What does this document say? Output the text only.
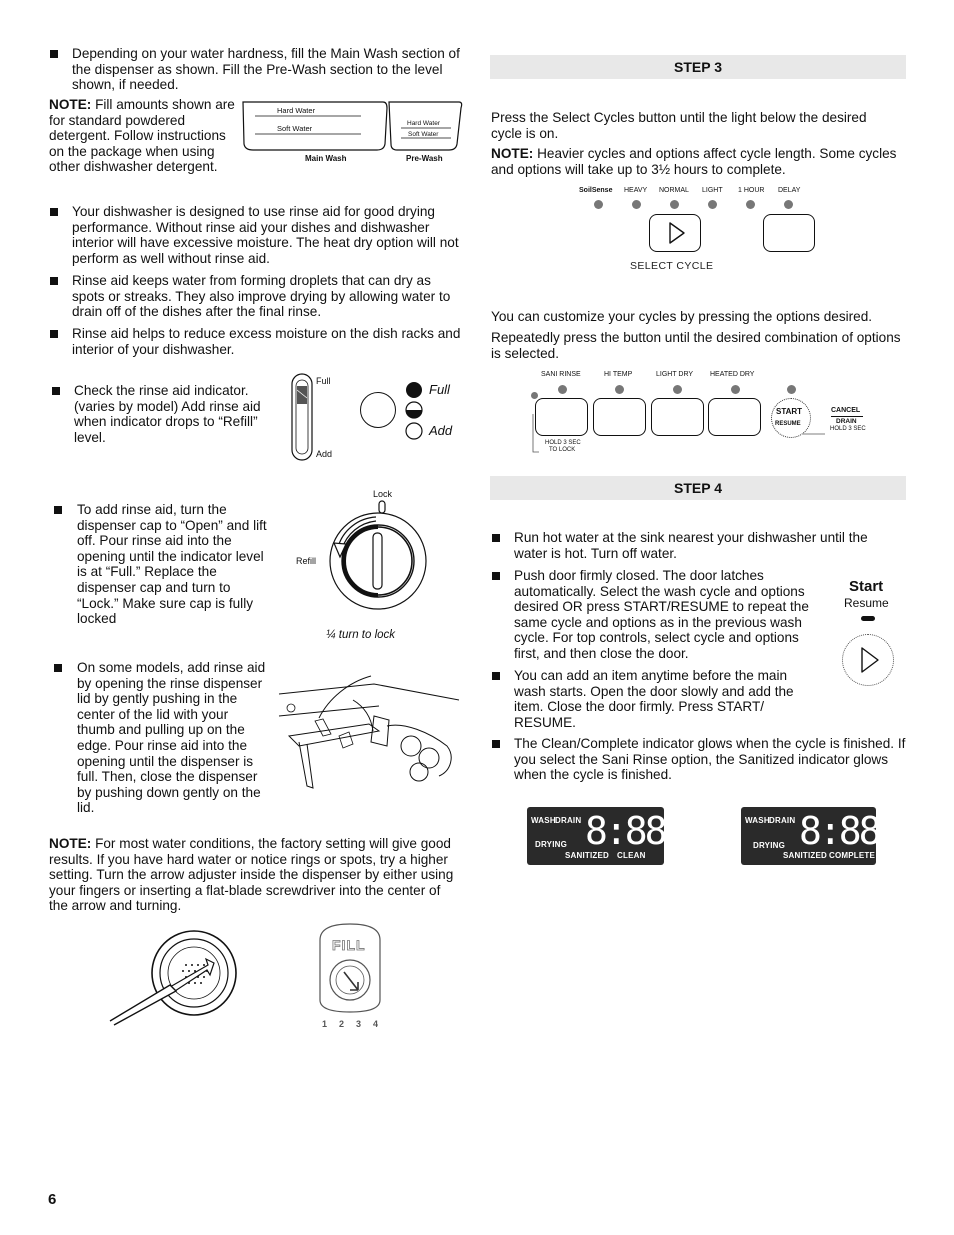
Depending on your water hardness, fill the Main Wash section of the dispenser as shown. Fill the Pre-Wash section to the level shown, if needed.
NOTE: Fill amounts shown are for standard powdered detergent. Follow instructions on the package when using other dishwasher detergent.
Hard Water
Soft Water
Hard Water
Soft Water
Main Wash	Pre-Wash
Your dishwasher is designed to use rinse aid for good drying performance. Without rinse aid your dishes and dishwasher interior will have excessive moisture. The heat dry option will not perform as well without rinse aid.
Rinse aid keeps water from forming droplets that can dry as spots or streaks. They also improve drying by allowing water to drain off of the dishes after the final rinse.
Rinse aid helps to reduce excess moisture on the dish racks and interior of your dishwasher.
Check the rinse aid indicator. (varies by model) Add rinse aid when indicator drops to “Refill” level.
Full
Add
Full
Add
To add rinse aid, turn the dispenser cap to “Open” and lift off. Pour rinse aid into the opening until the indicator level is at “Full.” Replace the dispenser cap and turn to “Lock.” Make sure cap is fully locked
Lock
Refill
¼ turn to lock
On some models, add rinse aid by opening the rinse dispenser lid by gently pushing in the center of the lid with your thumb and pulling up on the edge. Pour rinse aid into the opening until the dispenser is full. Then, close the dispenser by pushing down gently on the lid.
NOTE: For most water conditions, the factory setting will give good results. If you have hard water or notice rings or spots, try a higher setting. Turn the arrow adjuster inside the dispenser by either using your fingers or inserting a flat-blade screwdriver into the center of the arrow and turning.
FILL
1 2 3 4
6
STEP 3
Press the Select Cycles button until the light below the desired cycle is on.
NOTE: Heavier cycles and options affect cycle length. Some cycles and options will take up to 3½ hours to complete.
SoilSense HEAVY NORMAL LIGHT 1 HOUR DELAY
SELECT CYCLE
You can customize your cycles by pressing the options desired.
Repeatedly press the button until the desired combination of options is selected.
SANI RINSE	HI TEMP	LIGHT DRY HEATED DRY
START
RESUME
CANCEL
DRAIN
HOLD 3 SEC
HOLD 3 SEC
TO LOCK
STEP 4
Run hot water at the sink nearest your dishwasher until the water is hot. Turn off water.
Push door firmly closed. The door latches automatically. Select the wash cycle and options desired OR press START/RESUME to repeat the same cycle and options as in the previous wash cycle. For top controls, select cycle and options first, and then close the door.
Start
Resume
You can add an item anytime before the main wash starts. Open the door slowly and add the item. Close the door firmly. Press START/ RESUME.
The Clean/Complete indicator glows when the cycle is finished. If you select the Sani Rinse option, the Sanitized indicator glows when the cycle is finished.
WASH DRAIN
DRYING
SANITIZED CLEAN
8:88	WASH DRAIN
DRYING
SANITIZED COMPLETE
8:88
